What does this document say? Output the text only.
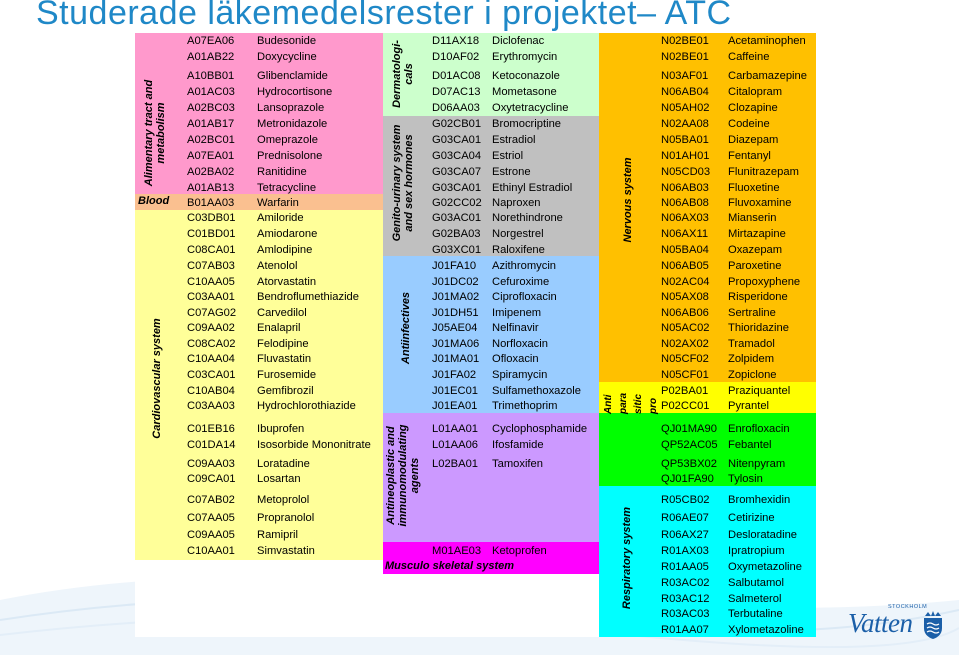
Studerade läkemedelsrester i projektet– ATC
Alimentary tract and
metabolism
Blood
Cardiovascular system
Dermatologi-
cals
Genito-urinary system
and sex hormones
Antiinfectives
Antineoplastic and
immunomodulating
agents
Musculo skeletal system
Nervous system
Anti
para
sitic
pro
Respiratory system
A07EA06 Budesonide
A01AB22 Doxycycline
A10BB01 Glibenclamide
A01AC03 Hydrocortisone
A02BC03 Lansoprazole
A01AB17 Metronidazole
A02BC01 Omeprazole
A07EA01 Prednisolone
A02BA02 Ranitidine
A01AB13 Tetracycline
B01AA03 Warfarin
C03DB01 Amiloride
C01BD01 Amiodarone
C08CA01 Amlodipine
C07AB03 Atenolol
C10AA05 Atorvastatin
C03AA01 Bendroflumethiazide
C07AG02 Carvedilol
C09AA02 Enalapril
C08CA02 Felodipine
C10AA04 Fluvastatin
C03CA01 Furosemide
C10AB04 Gemfibrozil
C03AA03 Hydrochlorothiazide
C01EB16 Ibuprofen
C01DA14 Isosorbide Mononitrate
C09AA03 Loratadine
C09CA01 Losartan
C07AB02 Metoprolol
C07AA05 Propranolol
C09AA05 Ramipril
C10AA01 Simvastatin
D11AX18 Diclofenac
D10AF02 Erythromycin
D01AC08 Ketoconazole
D07AC13 Mometasone
D06AA03 Oxytetracycline
G02CB01 Bromocriptine
G03CA01 Estradiol
G03CA04 Estriol
G03CA07 Estrone
G03CA01 Ethinyl Estradiol
G02CC02 Naproxen
G03AC01 Norethindrone
G02BA03 Norgestrel
G03XC01 Raloxifene
J01FA10 Azithromycin
J01DC02 Cefuroxime
J01MA02 Ciprofloxacin
J01DH51 Imipenem
J05AE04 Nelfinavir
J01MA06 Norfloxacin
J01MA01 Ofloxacin
J01FA02 Spiramycin
J01EC01 Sulfamethoxazole
J01EA01 Trimethoprim
L01AA01 Cyclophosphamide
L01AA06 Ifosfamide
L02BA01 Tamoxifen
M01AE03 Ketoprofen
N02BE01 Acetaminophen
N02BE01 Caffeine
N03AF01 Carbamazepine
N06AB04 Citalopram
N05AH02 Clozapine
N02AA08 Codeine
N05BA01 Diazepam
N01AH01 Fentanyl
N05CD03 Flunitrazepam
N06AB03 Fluoxetine
N06AB08 Fluvoxamine
N06AX03 Mianserin
N06AX11 Mirtazapine
N05BA04 Oxazepam
N06AB05 Paroxetine
N02AC04 Propoxyphene
N05AX08 Risperidone
N06AB06 Sertraline
N05AC02 Thioridazine
N02AX02 Tramadol
N05CF02 Zolpidem
N05CF01 Zopiclone
P02BA01 Praziquantel
P02CC01 Pyrantel
QJ01MA90 Enrofloxacin
QP52AC05 Febantel
QP53BX02 Nitenpyram
QJ01FA90 Tylosin
R05CB02 Bromhexidin
R06AE07 Cetirizine
R06AX27 Desloratadine
R01AX03 Ipratropium
R01AA05 Oxymetazoline
R03AC02 Salbutamol
R03AC12 Salmeterol
R03AC03 Terbutaline
R01AA07 Xylometazoline
STOCKHOLM
Vatten
